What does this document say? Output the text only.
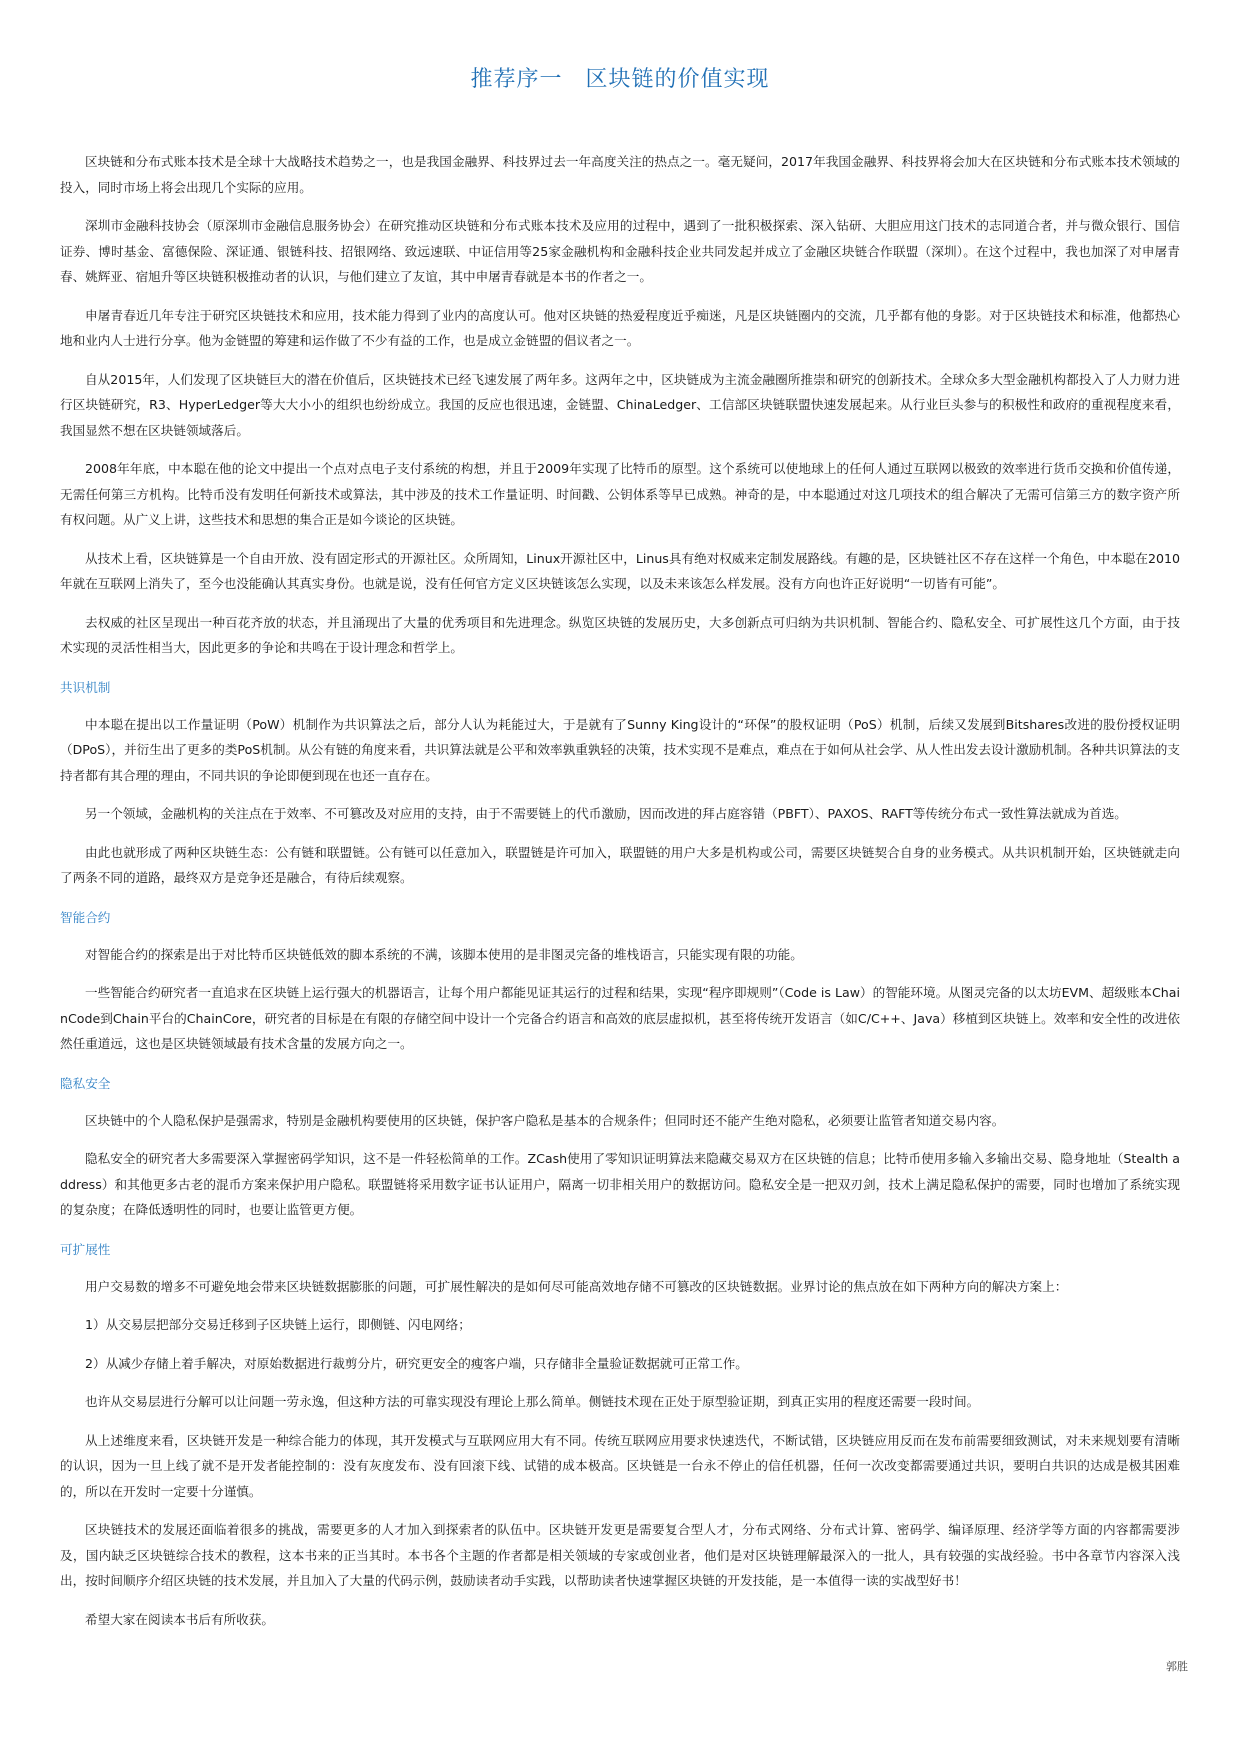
推荐序一　区块链的价值实现

区块链和分布式账本技术是全球十大战略技术趋势之一，也是我国金融界、科技界过去一年高度关注的热点之一。毫无疑问，2017年我国金融界、科技界将会加大在区块链和分布式账本技术领域的投入，同时市场上将会出现几个实际的应用。

深圳市金融科技协会（原深圳市金融信息服务协会）在研究推动区块链和分布式账本技术及应用的过程中，遇到了一批积极探索、深入钻研、大胆应用这门技术的志同道合者，并与微众银行、国信证券、博时基金、富德保险、深证通、银链科技、招银网络、致远速联、中证信用等25家金融机构和金融科技企业共同发起并成立了金融区块链合作联盟（深圳）。在这个过程中，我也加深了对申屠青春、姚辉亚、宿旭升等区块链积极推动者的认识，与他们建立了友谊，其中申屠青春就是本书的作者之一。

申屠青春近几年专注于研究区块链技术和应用，技术能力得到了业内的高度认可。他对区块链的热爱程度近乎痴迷，凡是区块链圈内的交流，几乎都有他的身影。对于区块链技术和标准，他都热心地和业内人士进行分享。他为金链盟的筹建和运作做了不少有益的工作，也是成立金链盟的倡议者之一。

自从2015年，人们发现了区块链巨大的潜在价值后，区块链技术已经飞速发展了两年多。这两年之中，区块链成为主流金融圈所推崇和研究的创新技术。全球众多大型金融机构都投入了人力财力进行区块链研究，R3、HyperLedger等大大小小的组织也纷纷成立。我国的反应也很迅速，金链盟、ChinaLedger、工信部区块链联盟快速发展起来。从行业巨头参与的积极性和政府的重视程度来看，我国显然不想在区块链领域落后。

2008年年底，中本聪在他的论文中提出一个点对点电子支付系统的构想，并且于2009年实现了比特币的原型。这个系统可以使地球上的任何人通过互联网以极致的效率进行货币交换和价值传递，无需任何第三方机构。比特币没有发明任何新技术或算法，其中涉及的技术工作量证明、时间戳、公钥体系等早已成熟。神奇的是，中本聪通过对这几项技术的组合解决了无需可信第三方的数字资产所有权问题。从广义上讲，这些技术和思想的集合正是如今谈论的区块链。

从技术上看，区块链算是一个自由开放、没有固定形式的开源社区。众所周知，Linux开源社区中，Linus具有绝对权威来定制发展路线。有趣的是，区块链社区不存在这样一个角色，中本聪在2010年就在互联网上消失了，至今也没能确认其真实身份。也就是说，没有任何官方定义区块链该怎么实现，以及未来该怎么样发展。没有方向也许正好说明“一切皆有可能”。

去权威的社区呈现出一种百花齐放的状态，并且涌现出了大量的优秀项目和先进理念。纵览区块链的发展历史，大多创新点可归纳为共识机制、智能合约、隐私安全、可扩展性这几个方面，由于技术实现的灵活性相当大，因此更多的争论和共鸣在于设计理念和哲学上。

共识机制

中本聪在提出以工作量证明（PoW）机制作为共识算法之后，部分人认为耗能过大，于是就有了Sunny King设计的“环保”的股权证明（PoS）机制，后续又发展到Bitshares改进的股份授权证明（DPoS），并衍生出了更多的类PoS机制。从公有链的角度来看，共识算法就是公平和效率孰重孰轻的决策，技术实现不是难点，难点在于如何从社会学、从人性出发去设计激励机制。各种共识算法的支持者都有其合理的理由，不同共识的争论即便到现在也还一直存在。

另一个领域，金融机构的关注点在于效率、不可篡改及对应用的支持，由于不需要链上的代币激励，因而改进的拜占庭容错（PBFT）、PAXOS、RAFT等传统分布式一致性算法就成为首选。

由此也就形成了两种区块链生态：公有链和联盟链。公有链可以任意加入，联盟链是许可加入，联盟链的用户大多是机构或公司，需要区块链契合自身的业务模式。从共识机制开始，区块链就走向了两条不同的道路，最终双方是竞争还是融合，有待后续观察。

智能合约

对智能合约的探索是出于对比特币区块链低效的脚本系统的不满，该脚本使用的是非图灵完备的堆栈语言，只能实现有限的功能。

一些智能合约研究者一直追求在区块链上运行强大的机器语言，让每个用户都能见证其运行的过程和结果，实现“程序即规则”（Code is Law）的智能环境。从图灵完备的以太坊EVM、超级账本ChainCode到Chain平台的ChainCore，研究者的目标是在有限的存储空间中设计一个完备合约语言和高效的底层虚拟机，甚至将传统开发语言（如C/C++、Java）移植到区块链上。效率和安全性的改进依然任重道远，这也是区块链领域最有技术含量的发展方向之一。

隐私安全

区块链中的个人隐私保护是强需求，特别是金融机构要使用的区块链，保护客户隐私是基本的合规条件；但同时还不能产生绝对隐私，必须要让监管者知道交易内容。

隐私安全的研究者大多需要深入掌握密码学知识，这不是一件轻松简单的工作。ZCash使用了零知识证明算法来隐藏交易双方在区块链的信息；比特币使用多输入多输出交易、隐身地址（Stealth address）和其他更多古老的混币方案来保护用户隐私。联盟链将采用数字证书认证用户，隔离一切非相关用户的数据访问。隐私安全是一把双刃剑，技术上满足隐私保护的需要，同时也增加了系统实现的复杂度；在降低透明性的同时，也要让监管更方便。

可扩展性

用户交易数的增多不可避免地会带来区块链数据膨胀的问题，可扩展性解决的是如何尽可能高效地存储不可篡改的区块链数据。业界讨论的焦点放在如下两种方向的解决方案上：

1）从交易层把部分交易迁移到子区块链上运行，即侧链、闪电网络；

2）从减少存储上着手解决，对原始数据进行裁剪分片，研究更安全的瘦客户端，只存储非全量验证数据就可正常工作。

也许从交易层进行分解可以让问题一劳永逸，但这种方法的可靠实现没有理论上那么简单。侧链技术现在正处于原型验证期，到真正实用的程度还需要一段时间。

从上述维度来看，区块链开发是一种综合能力的体现，其开发模式与互联网应用大有不同。传统互联网应用要求快速迭代，不断试错，区块链应用反而在发布前需要细致测试，对未来规划要有清晰的认识，因为一旦上线了就不是开发者能控制的：没有灰度发布、没有回滚下线、试错的成本极高。区块链是一台永不停止的信任机器，任何一次改变都需要通过共识，要明白共识的达成是极其困难的，所以在开发时一定要十分谨慎。

区块链技术的发展还面临着很多的挑战，需要更多的人才加入到探索者的队伍中。区块链开发更是需要复合型人才，分布式网络、分布式计算、密码学、编译原理、经济学等方面的内容都需要涉及，国内缺乏区块链综合技术的教程，这本书来的正当其时。本书各个主题的作者都是相关领域的专家或创业者，他们是对区块链理解最深入的一批人，具有较强的实战经验。书中各章节内容深入浅出，按时间顺序介绍区块链的技术发展，并且加入了大量的代码示例，鼓励读者动手实践，以帮助读者快速掌握区块链的开发技能，是一本值得一读的实战型好书！

希望大家在阅读本书后有所收获。

郭胜
